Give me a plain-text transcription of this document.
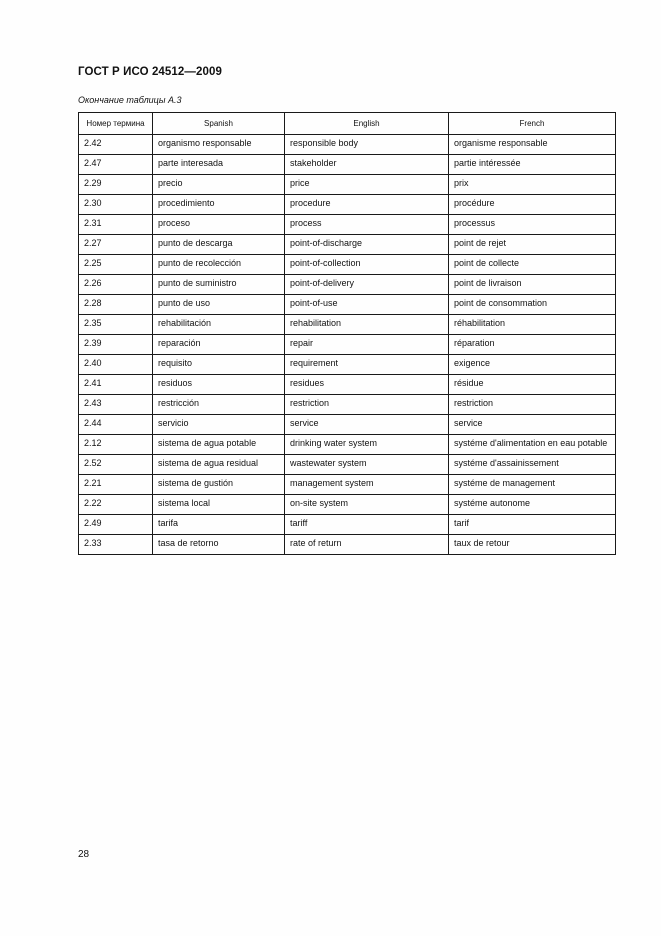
ГОСТ Р ИСО 24512—2009
Окончание таблицы А.3
Номер термина	Spanish	English	French
2.42	organismo responsable	responsible body	organisme responsable
2.47	parte interesada	stakeholder	partie intéressée
2.29	precio	price	prix
2.30	procedimiento	procedure	procédure
2.31	proceso	process	processus
2.27	punto de descarga	point-of-discharge	point de rejet
2.25	punto de recolección	point-of-collection	point de collecte
2.26	punto de suministro	point-of-delivery	point de livraison
2.28	punto de uso	point-of-use	point de consommation
2.35	rehabilitación	rehabilitation	réhabilitation
2.39	reparación	repair	réparation
2.40	requisito	requirement	exigence
2.41	residuos	residues	résidue
2.43	restricción	restriction	restriction
2.44	servicio	service	service
2.12	sistema de agua potable	drinking water system	systéme d'alimentation en eau potable
2.52	sistema de agua residual	wastewater system	systéme d'assainissement
2.21	sistema de gustión	management system	systéme de management
2.22	sistema local	on-site system	systéme autonome
2.49	tarifa	tariff	tarif
2.33	tasa de retorno	rate of return	taux de retour
28
